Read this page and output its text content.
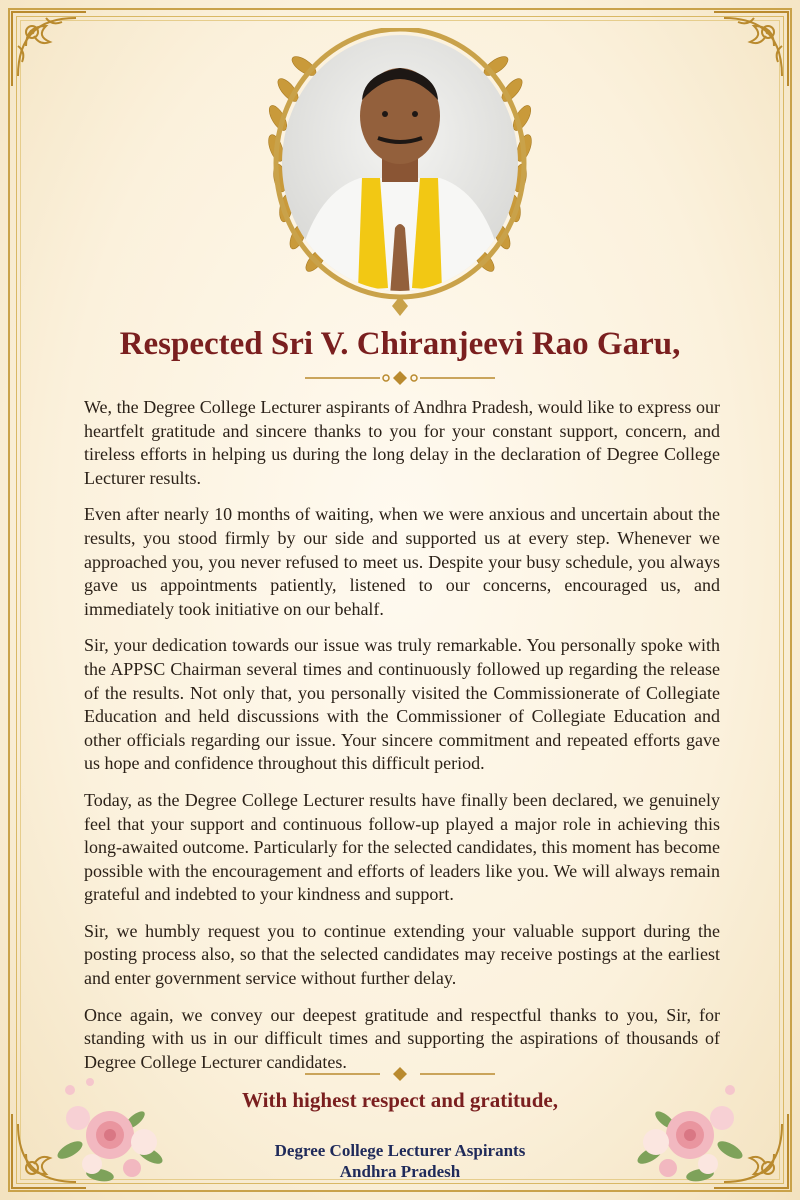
Respected Sri V. Chiranjeevi Rao Garu,

We, the Degree College Lecturer aspirants of Andhra Pradesh, would like to express our heartfelt gratitude and sincere thanks to you for your constant support, concern, and tireless efforts in helping us during the long delay in the declaration of Degree College Lecturer results.

Even after nearly 10 months of waiting, when we were anxious and uncertain about the results, you stood firmly by our side and supported us at every step. Whenever we approached you, you never refused to meet us. Despite your busy schedule, you always gave us appointments patiently, listened to our concerns, encouraged us, and immediately took initiative on our behalf.

Sir, your dedication towards our issue was truly remarkable. You personally spoke with the APPSC Chairman several times and continuously followed up regarding the release of the results. Not only that, you personally visited the Commissionerate of Collegiate Education and held discussions with the Commissioner of Collegiate Education and other officials regarding our issue. Your sincere commitment and repeated efforts gave us hope and confidence throughout this difficult period.

Today, as the Degree College Lecturer results have finally been declared, we genuinely feel that your support and continuous follow-up played a major role in achieving this long-awaited outcome. Particularly for the selected candidates, this moment has become possible with the encouragement and efforts of leaders like you. We will always remain grateful and indebted to your kindness and support.

Sir, we humbly request you to continue extending your valuable support during the posting process also, so that the selected candidates may receive postings at the earliest and enter government service without further delay.

Once again, we convey our deepest gratitude and respectful thanks to you, Sir, for standing with us in our difficult times and supporting the aspirations of thousands of Degree College Lecturer candidates.

With highest respect and gratitude,
Degree College Lecturer Aspirants
Andhra Pradesh
